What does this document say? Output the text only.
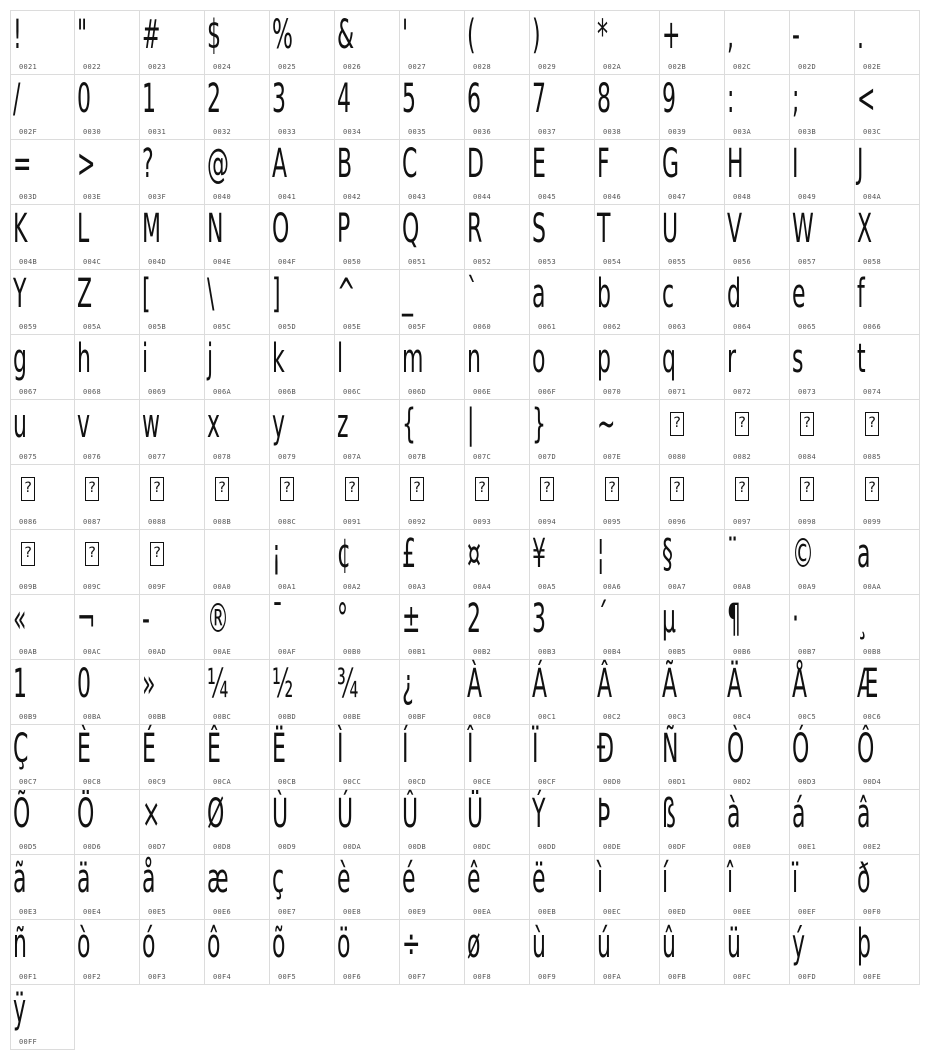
!
0021
"
0022
#
0023
$
0024
%
0025
&
0026
'
0027
(
0028
)
0029
*
002A
+
002B
,
002C
-
002D
.
002E
/
002F
0
0030
1
0031
2
0032
3
0033
4
0034
5
0035
6
0036
7
0037
8
0038
9
0039
:
003A
;
003B
<
003C
=
003D
>
003E
?
003F
@
0040
A
0041
B
0042
C
0043
D
0044
E
0045
F
0046
G
0047
H
0048
I
0049
J
004A
K
004B
L
004C
M
004D
N
004E
O
004F
P
0050
Q
0051
R
0052
S
0053
T
0054
U
0055
V
0056
W
0057
X
0058
Y
0059
Z
005A
[
005B
\
005C
]
005D
^
005E
_
005F
`
0060
a
0061
b
0062
c
0063
d
0064
e
0065
f
0066
g
0067
h
0068
i
0069
j
006A
k
006B
l
006C
m
006D
n
006E
o
006F
p
0070
q
0071
r
0072
s
0073
t
0074
u
0075
v
0076
w
0077
x
0078
y
0079
z
007A
{
007B
|
007C
}
007D
~
007E
?
0080
?
0082
?
0084
?
0085
?
0086
?
0087
?
0088
?
008B
?
008C
?
0091
?
0092
?
0093
?
0094
?
0095
?
0096
?
0097
?
0098
?
0099
?
009B
?
009C
?
009F	00A0
¡
00A1
¢
00A2
£
00A3
¤
00A4
¥
00A5
¦
00A6
§
00A7
¨
00A8
©
00A9
a
00AA
«
00AB
¬
00AC
-
00AD
®
00AE
¯
00AF
°
00B0
±
00B1
2
00B2
3
00B3
´
00B4
µ
00B5
¶
00B6
·
00B7
¸
00B8
1
00B9
0
00BA
»
00BB
¼
00BC
½
00BD
¾
00BE
¿
00BF
À
00C0
Á
00C1
Â
00C2
Ã
00C3
Ä
00C4
Å
00C5
Æ
00C6
Ç
00C7
È
00C8
É
00C9
Ê
00CA
Ë
00CB
Ì
00CC
Í
00CD
Î
00CE
Ï
00CF
Ð
00D0
Ñ
00D1
Ò
00D2
Ó
00D3
Ô
00D4
Õ
00D5
Ö
00D6
×
00D7
Ø
00D8
Ù
00D9
Ú
00DA
Û
00DB
Ü
00DC
Ý
00DD
Þ
00DE
ß
00DF
à
00E0
á
00E1
â
00E2
ã
00E3
ä
00E4
å
00E5
æ
00E6
ç
00E7
è
00E8
é
00E9
ê
00EA
ë
00EB
ì
00EC
í
00ED
î
00EE
ï
00EF
ð
00F0
ñ
00F1
ò
00F2
ó
00F3
ô
00F4
õ
00F5
ö
00F6
÷
00F7
ø
00F8
ù
00F9
ú
00FA
û
00FB
ü
00FC
ý
00FD
þ
00FE
ÿ
00FF
